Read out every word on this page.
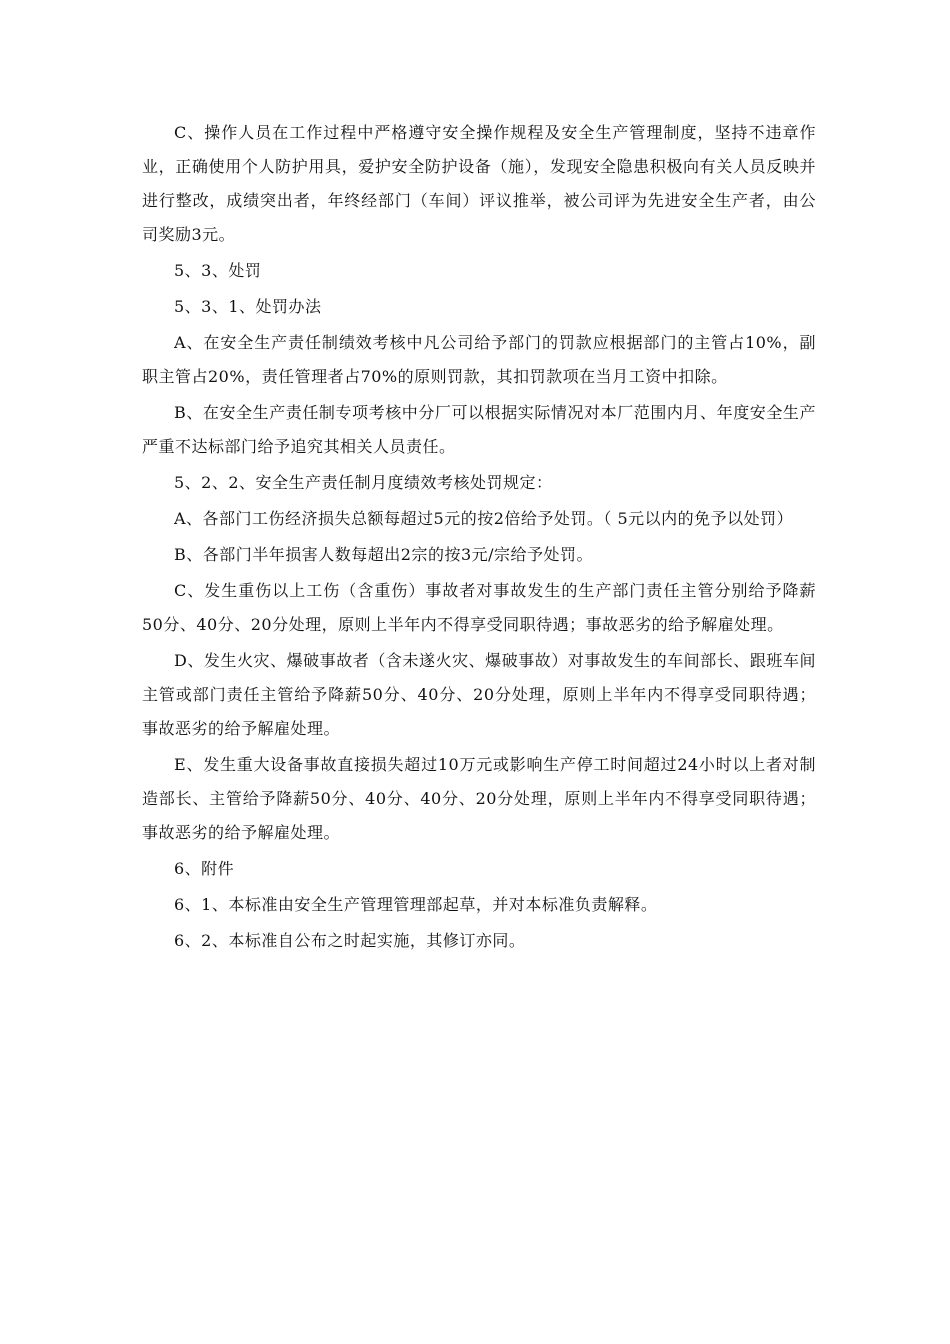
C、操作人员在工作过程中严格遵守安全操作规程及安全生产管理制度，坚持不违章作业，正确使用个人防护用具，爱护安全防护设备（施），发现安全隐患积极向有关人员反映并进行整改，成绩突出者，年终经部门（车间）评议推举，被公司评为先进安全生产者，由公司奖励3元。

5、3、处罚

5、3、1、处罚办法

A、在安全生产责任制绩效考核中凡公司给予部门的罚款应根据部门的主管占10%，副职主管占20%，责任管理者占70%的原则罚款，其扣罚款项在当月工资中扣除。

B、在安全生产责任制专项考核中分厂可以根据实际情况对本厂范围内月、年度安全生产严重不达标部门给予追究其相关人员责任。

5、2、2、安全生产责任制月度绩效考核处罚规定：

A、各部门工伤经济损失总额每超过5元的按2倍给予处罚。（ 5元以内的免予以处罚）

B、各部门半年损害人数每超出2宗的按3元/宗给予处罚。

C、发生重伤以上工伤（含重伤）事故者对事故发生的生产部门责任主管分别给予降薪50分、40分、20分处理，原则上半年内不得享受同职待遇；事故恶劣的给予解雇处理。

D、发生火灾、爆破事故者（含未遂火灾、爆破事故）对事故发生的车间部长、跟班车间主管或部门责任主管给予降薪50分、40分、20分处理，原则上半年内不得享受同职待遇；事故恶劣的给予解雇处理。

E、发生重大设备事故直接损失超过10万元或影响生产停工时间超过24小时以上者对制造部长、主管给予降薪50分、40分、40分、20分处理，原则上半年内不得享受同职待遇；事故恶劣的给予解雇处理。

6、附件

6、1、本标准由安全生产管理管理部起草，并对本标准负责解释。

6、2、本标准自公布之时起实施，其修订亦同。
